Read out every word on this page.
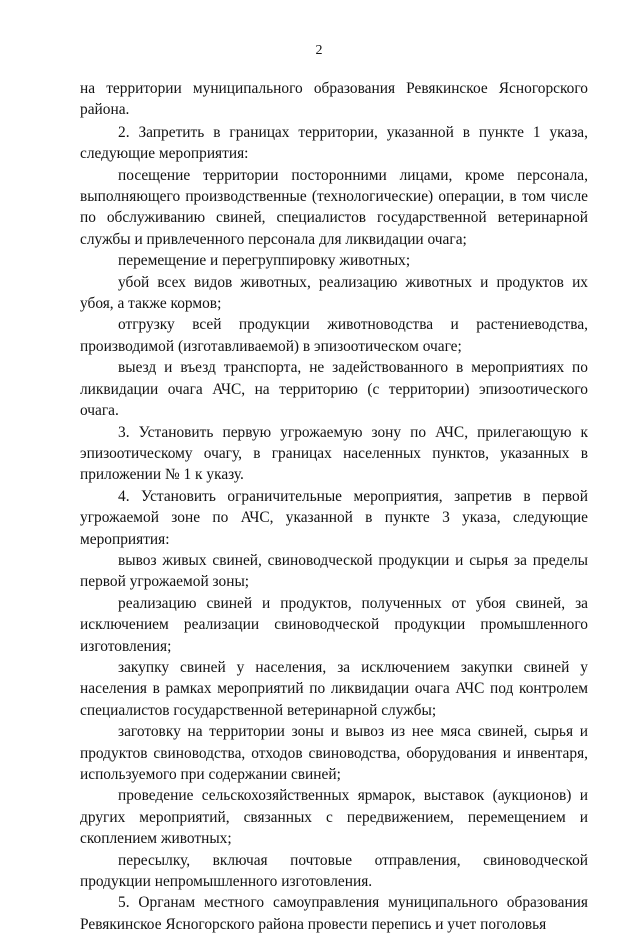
2

на территории муниципального образования Ревякинское Ясногорского района.

2. Запретить в границах территории, указанной в пункте 1 указа, следующие мероприятия:

посещение территории посторонними лицами, кроме персонала, выполняющего производственные (технологические) операции, в том числе по обслуживанию свиней, специалистов государственной ветеринарной службы и привлеченного персонала для ликвидации очага;

перемещение и перегруппировку животных;

убой всех видов животных, реализацию животных и продуктов их убоя, а также кормов;

отгрузку всей продукции животноводства и растениеводства, производимой (изготавливаемой) в эпизоотическом очаге;

выезд и въезд транспорта, не задействованного в мероприятиях по ликвидации очага АЧС, на территорию (с территории) эпизоотического очага.

3. Установить первую угрожаемую зону по АЧС, прилегающую к эпизоотическому очагу, в границах населенных пунктов, указанных в приложении № 1 к указу.

4. Установить ограничительные мероприятия, запретив в первой угрожаемой зоне по АЧС, указанной в пункте 3 указа, следующие мероприятия:

вывоз живых свиней, свиноводческой продукции и сырья за пределы первой угрожаемой зоны;

реализацию свиней и продуктов, полученных от убоя свиней, за исключением реализации свиноводческой продукции промышленного изготовления;

закупку свиней у населения, за исключением закупки свиней у населения в рамках мероприятий по ликвидации очага АЧС под контролем специалистов государственной ветеринарной службы;

заготовку на территории зоны и вывоз из нее мяса свиней, сырья и продуктов свиноводства, отходов свиноводства, оборудования и инвентаря, используемого при содержании свиней;

проведение сельскохозяйственных ярмарок, выставок (аукционов) и других мероприятий, связанных с передвижением, перемещением и скоплением животных;

пересылку, включая почтовые отправления, свиноводческой продукции непромышленного изготовления.

5. Органам местного самоуправления муниципального образования Ревякинское Ясногорского района провести перепись и учет поголовья
